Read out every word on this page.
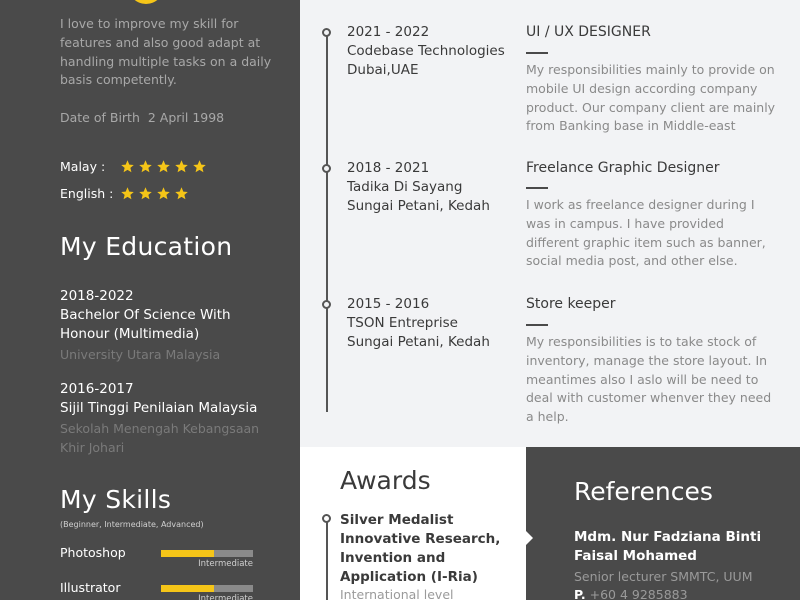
I love to improve my skill for features and also good adapt at handling multiple tasks on a daily basis competently.

Date of Birth 2 April 1998
Malay :
English :
My Education
2018-2022
Bachelor Of Science With Honour (Multimedia)
University Utara Malaysia
2016-2017
Sijil Tinggi Penilaian Malaysia
Sekolah Menengah Kebangsaan Khir Johari
My Skills
(Beginner, Intermediate, Advanced)
Photoshop
Intermediate
Illustrator
Intermediate
2021 - 2022
Codebase Technologies
Dubai,UAE
UI / UX DESIGNER

My responsibilities mainly to provide on mobile UI design according company product. Our company client are mainly from Banking base in Middle-east

2018 - 2021
Tadika Di Sayang
Sungai Petani, Kedah
Freelance Graphic Designer

I work as freelance designer during I was in campus. I have provided different graphic item such as banner, social media post, and other else.

2015 - 2016
TSON Entreprise
Sungai Petani, Kedah
Store keeper

My responsibilities is to take stock of inventory, manage the store layout. In meantimes also I aslo will be need to deal with customer whenver they need a help.

Awards
Silver Medalist Innovative Research, Invention and Application (I-Ria)
International level
References
Mdm. Nur Fadziana Binti Faisal Mohamed
Senior lecturer SMMTC, UUM
P. +60 4 9285883
